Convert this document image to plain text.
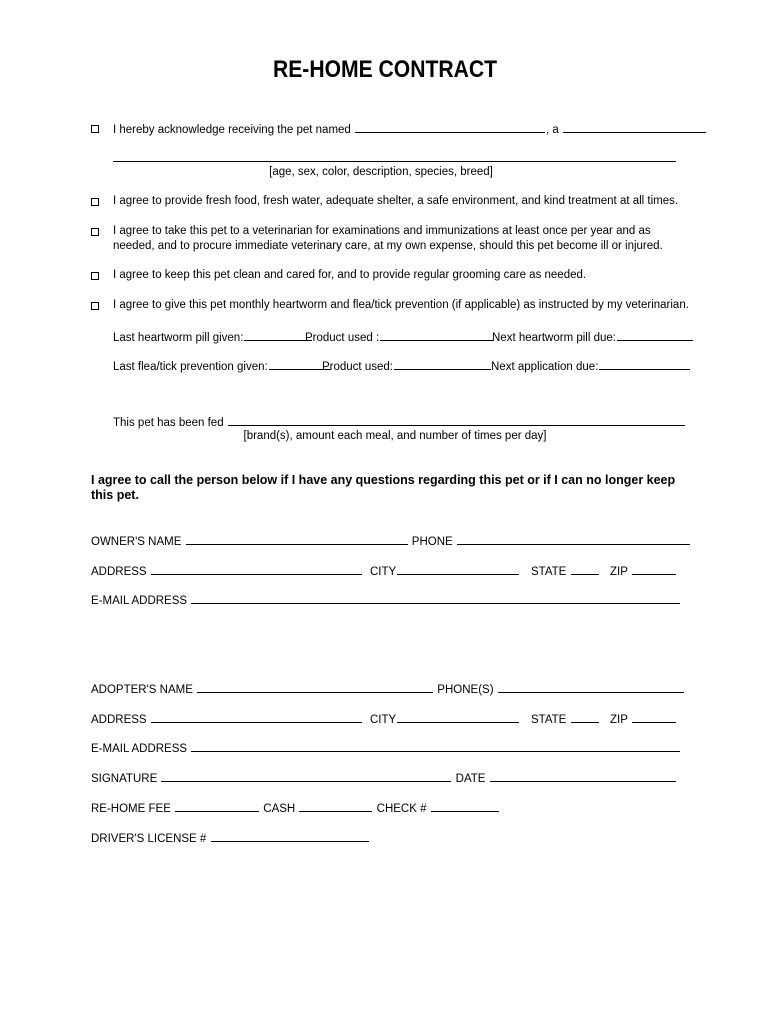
RE-HOME CONTRACT
I hereby acknowledge receiving the pet named	, a
[age, sex, color, description, species, breed]
I agree to provide fresh food, fresh water, adequate shelter, a safe environment, and kind treatment at all times.
I agree to take this pet to a veterinarian for examinations and immunizations at least once per year and as needed, and to procure immediate veterinary care, at my own expense, should this pet become ill or injured.
I agree to keep this pet clean and cared for, and to provide regular grooming care as needed.
I agree to give this pet monthly heartworm and flea/tick prevention (if applicable) as instructed by my veterinarian.
Last heartworm pill given:	Product used :	Next heartworm pill due:
Last flea/tick prevention given:	Product used:	Next application due:
This pet has been fed
[brand(s), amount each meal, and number of times per day]
I agree to call the person below if I have any questions regarding this pet or if I can no longer keep this pet.
OWNER'S NAME	PHONE
ADDRESS	CITY	STATE	ZIP
E-MAIL ADDRESS
ADOPTER'S NAME	PHONE(S)
ADDRESS	CITY	STATE	ZIP
E-MAIL ADDRESS
SIGNATURE	DATE
RE-HOME FEE	CASH	CHECK #
DRIVER'S LICENSE #
